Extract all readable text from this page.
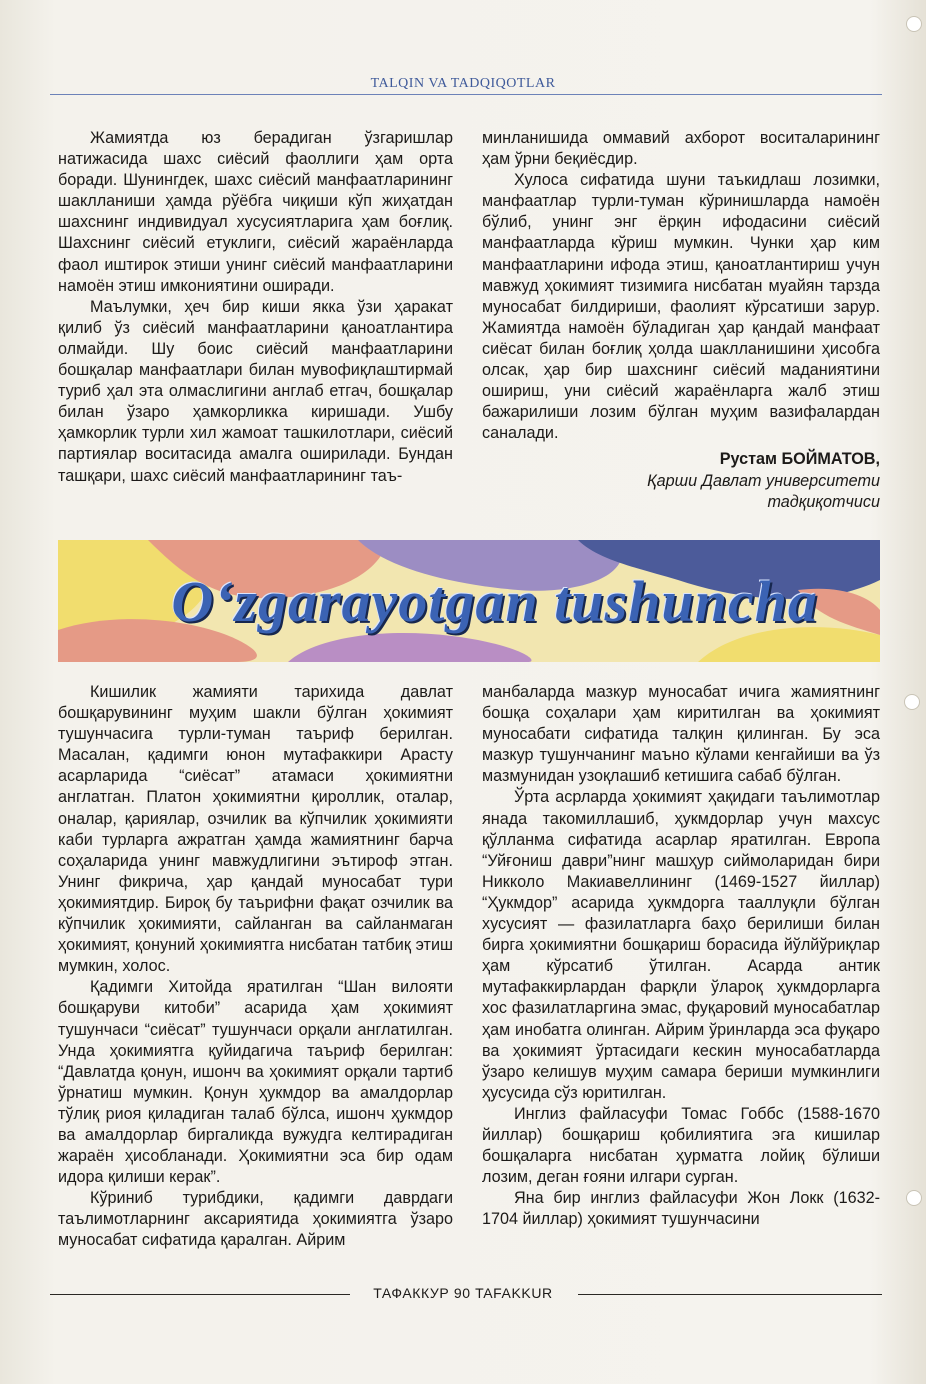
TALQIN VA TADQIQOTLAR

Жамиятда юз берадиган ўзгаришлар натижасида шахс сиёсий фаоллиги ҳам орта боради. Шунингдек, шахс сиёсий манфаатларининг шаклланиши ҳамда рўёбга чиқиши кўп жиҳатдан шахснинг индивидуал хусусиятларига ҳам боғлиқ. Шахснинг сиёсий етуклиги, сиёсий жараёнларда фаол иштирок этиши унинг сиёсий манфаатларини намоён этиш имкониятини оширади.

Маълумки, ҳеч бир киши якка ўзи ҳаракат қилиб ўз сиёсий манфаатларини қаноатлантира олмайди. Шу боис сиёсий манфаатларини бошқалар манфаатлари билан мувофиқлаштирмай туриб ҳал эта олмаслигини англаб етгач, бошқалар билан ўзаро ҳамкорликка киришади. Ушбу ҳамкорлик турли хил жамоат ташкилотлари, сиёсий партиялар воситасида амалга оширилади. Бундан ташқари, шахс сиёсий манфаатларининг таъ-

минланишида оммавий ахборот воситаларининг ҳам ўрни беқиёсдир.

Хулоса сифатида шуни таъкидлаш лозимки, манфаатлар турли-туман кўринишларда намоён бўлиб, унинг энг ёрқин ифодасини сиёсий манфаатларда кўриш мумкин. Чунки ҳар ким манфаатларини ифода этиш, қаноатлантириш учун мавжуд ҳокимият тизимига нисбатан муайян тарзда муносабат билдириши, фаолият кўрсатиши зарур. Жамиятда намоён бўладиган ҳар қандай манфаат сиёсат билан боғлиқ ҳолда шаклланишини ҳисобга олсак, ҳар бир шахснинг сиёсий маданиятини ошириш, уни сиёсий жараёнларга жалб этиш бажарилиши лозим бўлган муҳим вазифалардан саналади.

Рустам БОЙМАТОВ,

Қарши Давлат университети

тадқиқотчиси

O‘zgarayotgan tushuncha

Кишилик жамияти тарихида давлат бошқарувининг муҳим шакли бўлган ҳокимият тушунчасига турли-туман таъриф берилган. Масалан, қадимги юнон мутафаккири Арасту асарларида “сиёсат” атамаси ҳокимиятни англатган. Платон ҳокимиятни қироллик, оталар, оналар, қариялар, озчилик ва кўпчилик ҳокимияти каби турларга ажратган ҳамда жамиятнинг барча соҳаларида унинг мавжудлигини эътироф этган. Унинг фикрича, ҳар қандай муносабат тури ҳокимиятдир. Бироқ бу таърифни фақат озчилик ва кўпчилик ҳокимияти, сайланган ва сайланмаган ҳокимият, қонуний ҳокимиятга нисбатан татбиқ этиш мумкин, холос.

Қадимги Хитойда яратилган “Шан вилояти бошқаруви китоби” асарида ҳам ҳокимият тушунчаси “сиёсат” тушунчаси орқали англатилган. Унда ҳокимиятга қуйидагича таъриф берилган: “Давлатда қонун, ишонч ва ҳокимият орқали тартиб ўрнатиш мумкин. Қонун ҳукмдор ва амалдорлар тўлиқ риоя қиладиган талаб бўлса, ишонч ҳукмдор ва амалдорлар биргаликда вужудга келтирадиган жараён ҳисобланади. Ҳокимиятни эса бир одам идора қилиши керак”.

Кўриниб турибдики, қадимги даврдаги таълимотларнинг аксариятида ҳокимиятга ўзаро муносабат сифатида қаралган. Айрим

манбаларда мазкур муносабат ичига жамиятнинг бошқа соҳалари ҳам киритилган ва ҳокимият муносабати сифатида талқин қилинган. Бу эса мазкур тушунчанинг маъно кўлами кенгайиши ва ўз мазмунидан узоқлашиб кетишига сабаб бўлган.

Ўрта асрларда ҳокимият ҳақидаги таълимотлар янада такомиллашиб, ҳукмдорлар учун махсус қўлланма сифатида асарлар яратилган. Европа “Уйғониш даври”нинг машҳур сиймоларидан бири Никколо Макиавеллининг (1469-1527 йиллар) “Ҳукмдор” асарида ҳукмдорга тааллуқли бўлган хусусият — фазилатларга баҳо берилиши билан бирга ҳокимиятни бошқариш борасида йўлйўриқлар ҳам кўрсатиб ўтилган. Асарда антик мутафаккирлардан фарқли ўлароқ ҳукмдорларга хос фазилатларгина эмас, фуқаровий муносабатлар ҳам инобатга олинган. Айрим ўринларда эса фуқаро ва ҳокимият ўртасидаги кескин муносабатларда ўзаро келишув муҳим самара бериши мумкинлиги ҳусусида сўз юритилган.

Инглиз файласуфи Томас Гоббс (1588-1670 йиллар) бошқариш қобилиятига эга кишилар бошқаларга нисбатан ҳурматга лойиқ бўлиши лозим, деган ғояни илгари сурган.

Яна бир инглиз файласуфи Жон Локк (1632-1704 йиллар) ҳокимият тушунчасини

ТАФАККУР 90 TAFAKKUR
